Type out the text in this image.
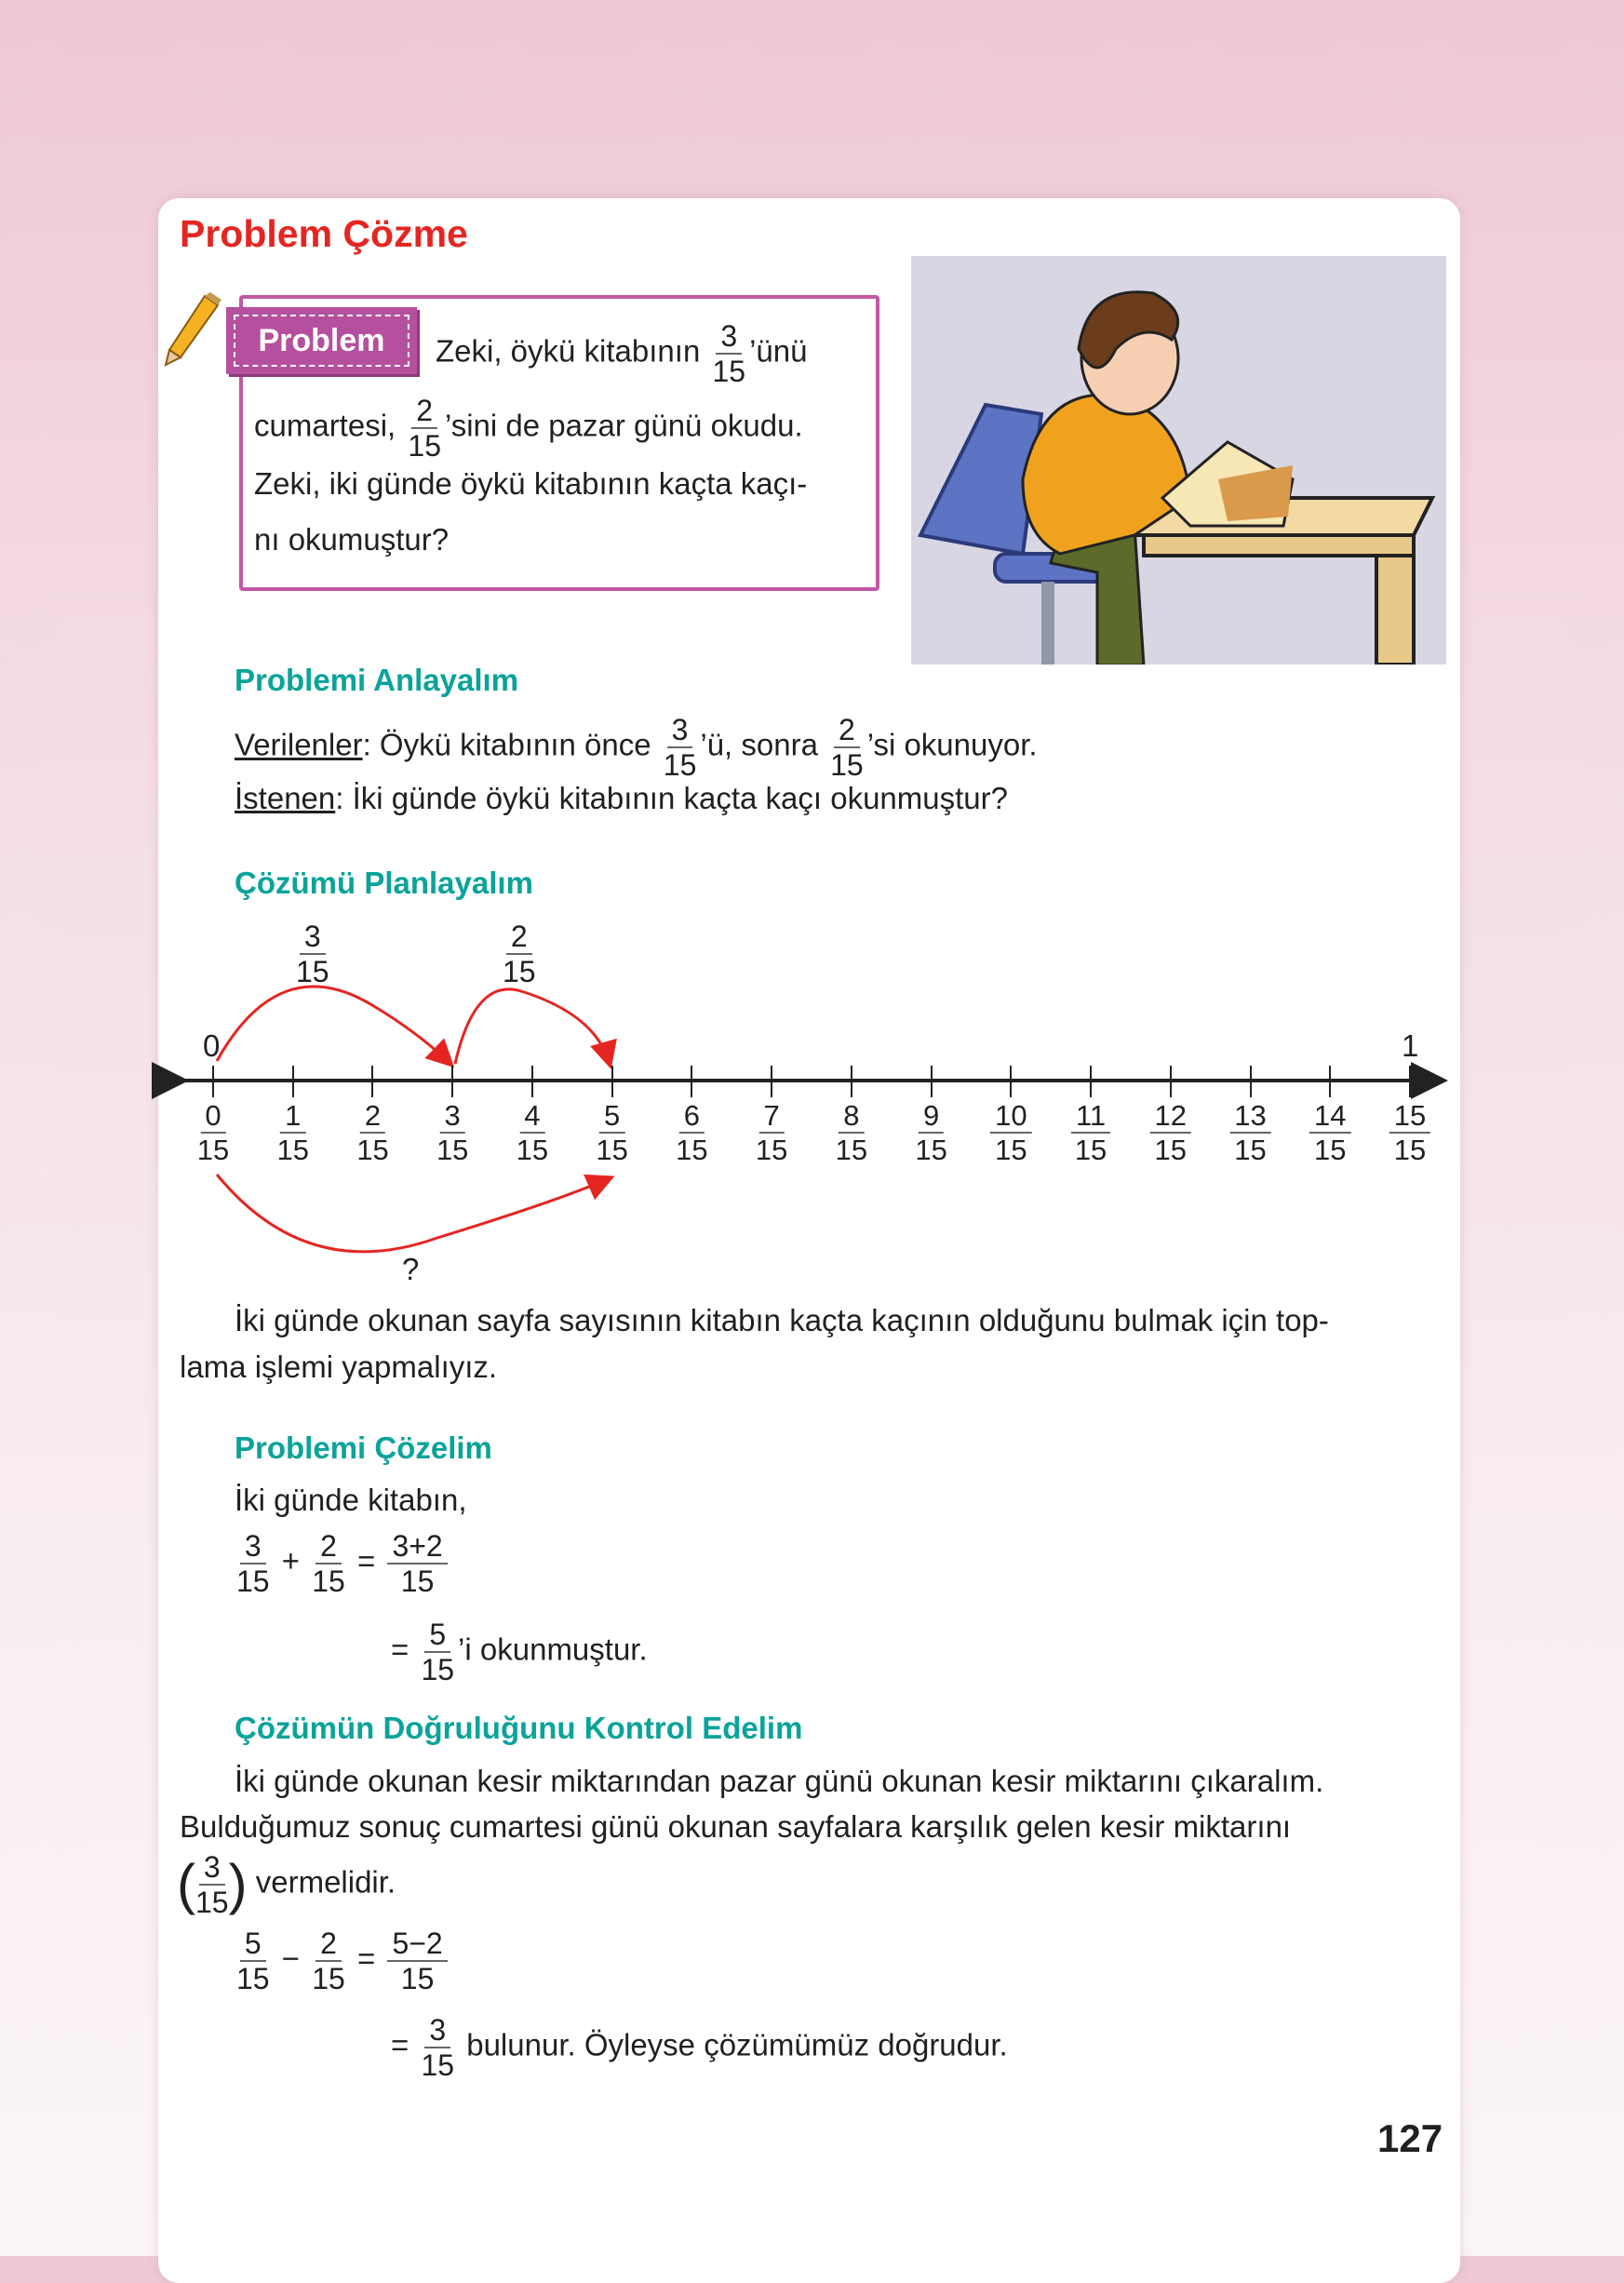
Problem Çözme
Problem	Zeki, öykü kitabının $\frac{3}{15}$ ’ünü
cumartesi, $\frac{2}{15}$ ’sini de pazar günü okudu.
Zeki, iki günde öykü kitabının kaçta kaçı-
nı okumuştur?
Problemi Anlayalım
Verilenler: Öykü kitabının önce $\frac{3}{15}$ ’ü, sonra $\frac{2}{15}$ ’si okunuyor.
İstenen: İki günde öykü kitabının kaçta kaçı okunmuştur?
Çözümü Planlayalım
$\frac{3}{15}$	$\frac{2}{15}$
0	1
?
$\frac{0}{15} \frac{1}{15} \frac{2}{15} \frac{3}{15} \frac{4}{15} \frac{5}{15} \frac{6}{15} \frac{7}{15} \frac{8}{15} \frac{9}{15} \frac{10}{15} \frac{11}{15} \frac{12}{15} \frac{13}{15} \frac{14}{15} \frac{15}{15}$
İki günde okunan sayfa sayısının kitabın kaçta kaçının olduğunu bulmak için top-
lama işlemi yapmalıyız.
Problemi Çözelim
İki günde kitabın,
$\frac{3}{15} + \frac{2}{15} = \frac{3+2}{15}$
= $\frac{5}{15}$ ’i okunmuştur.
Çözümün Doğruluğunu Kontrol Edelim
İki günde okunan kesir miktarından pazar günü okunan kesir miktarını çıkaralım.
Bulduğumuz sonuç cumartesi günü okunan sayfalara karşılık gelen kesir miktarını
( $\frac{3}{15}$ ) vermelidir.
$\frac{5}{15} - \frac{2}{15} = \frac{5-2}{15}$
= $\frac{3}{15}$ bulunur. Öyleyse çözümümüz doğrudur.
127
